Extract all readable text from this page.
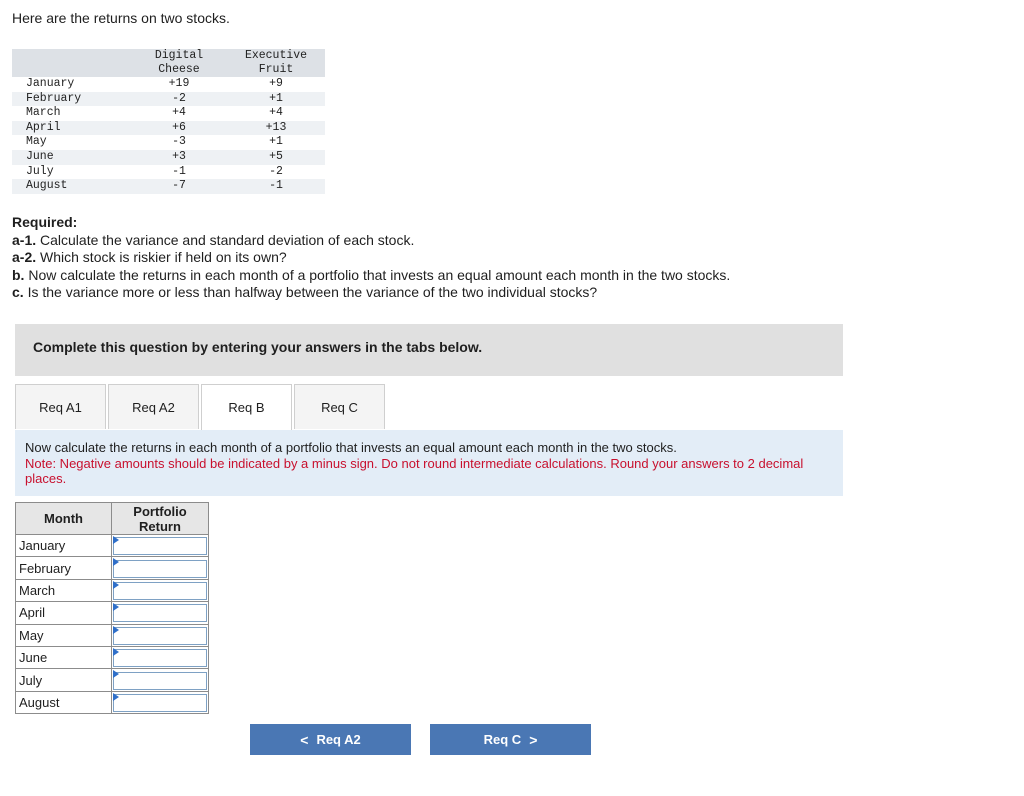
Here are the returns on two stocks.

	Digital	Executive

	Cheese	Fruit
January	+19	+9
February	-2	+1
March	+4	+4
April	+6	+13
May	-3	+1
June	+3	+5
July	-1	-2
August	-7	-1

Required:

a-1. Calculate the variance and standard deviation of each stock.

a-2. Which stock is riskier if held on its own?

b. Now calculate the returns in each month of a portfolio that invests an equal amount each month in the two stocks.

c. Is the variance more or less than halfway between the variance of the two individual stocks?

Complete this question by entering your answers in the tabs below.
Req A1	Req A2	Req B	Req C

Now calculate the returns in each month of a portfolio that invests an equal amount each month in the two stocks.

Note: Negative amounts should be indicated by a minus sign. Do not round intermediate calculations. Round your answers to 2 decimal places.

Month	Portfolio
Return

January	

February	

March	

April	

May	

June	

July	

August	
< Req A2	Req C >
